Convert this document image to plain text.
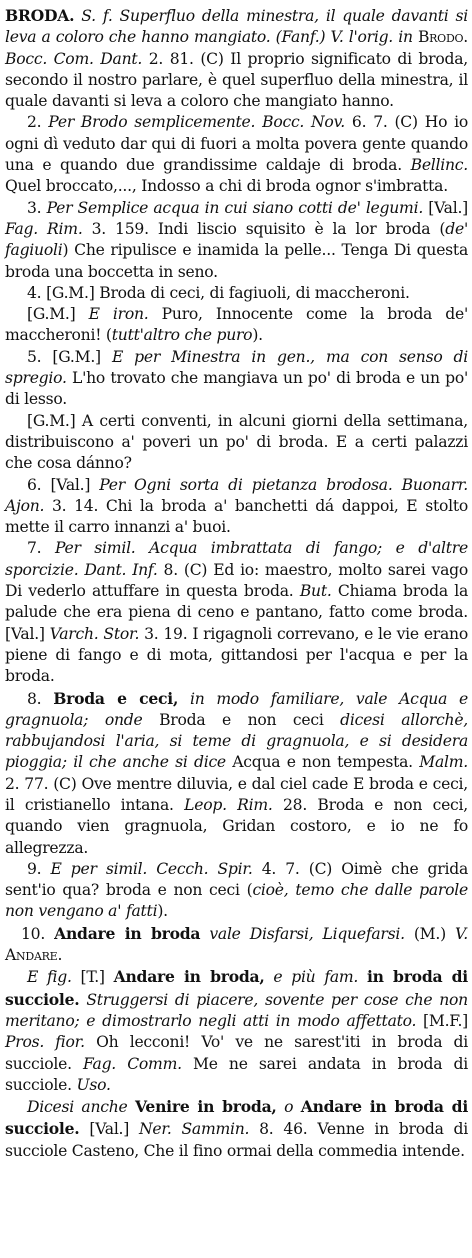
BRODA. S. f. Superfluo della minestra, il quale davanti si leva a coloro che hanno mangiato. (Fanf.) V. l'orig. in Brodo. Bocc. Com. Dant. 2. 81. (C) Il proprio significato di broda, secondo il nostro parlare, è quel superfluo della minestra, il quale davanti si leva a coloro che mangiato hanno.

2. Per Brodo semplicemente. Bocc. Nov. 6. 7. (C) Ho io ogni dì veduto dar qui di fuori a molta povera gente quando una e quando due grandissime caldaje di broda. Bellinc. Quel broccato,..., Indosso a chi di broda ognor s'imbratta.

3. Per Semplice acqua in cui siano cotti de' legumi. [Val.] Fag. Rim. 3. 159. Indi liscio squisito è la lor broda (de' fagiuoli) Che ripulisce e inamida la pelle... Tenga Di questa broda una boccetta in seno.

4. [G.M.] Broda di ceci, di fagiuoli, di maccheroni.

[G.M.] E iron. Puro, Innocente come la broda de' maccheroni! (tutt'altro che puro).

5. [G.M.] E per Minestra in gen., ma con senso di spregio. L'ho trovato che mangiava un po' di broda e un po' di lesso.

[G.M.] A certi conventi, in alcuni giorni della settimana, distribuiscono a' poveri un po' di broda. E a certi palazzi che cosa dánno?

6. [Val.] Per Ogni sorta di pietanza brodosa. Buonarr. Ajon. 3. 14. Chi la broda a' banchetti dá dappoi, E stolto mette il carro innanzi a' buoi.

7. Per simil. Acqua imbrattata di fango; e d'altre sporcizie. Dant. Inf. 8. (C) Ed io: maestro, molto sarei vago Di vederlo attuffare in questa broda. But. Chiama broda la palude che era piena di ceno e pantano, fatto come broda. [Val.] Varch. Stor. 3. 19. I rigagnoli correvano, e le vie erano piene di fango e di mota, gittandosi per l'acqua e per la broda.

8. Broda e ceci, in modo familiare, vale Acqua e gragnuola; onde Broda e non ceci dicesi allorchè, rabbujandosi l'aria, si teme di gragnuola, e si desidera pioggia; il che anche si dice Acqua e non tempesta. Malm. 2. 77. (C) Ove mentre diluvia, e dal ciel cade E broda e ceci, il cristianello intana. Leop. Rim. 28. Broda e non ceci, quando vien gragnuola, Gridan costoro, e io ne fo allegrezza.

9. E per simil. Cecch. Spir. 4. 7. (C) Oimè che grida sent'io qua? broda e non ceci (cioè, temo che dalle parole non vengano a' fatti).

10. Andare in broda vale Disfarsi, Liquefarsi. (M.) V. Andare.

E fig. [T.] Andare in broda, e più fam. in broda di succiole. Struggersi di piacere, sovente per cose che non meritano; e dimostrarlo negli atti in modo affettato. [M.F.] Pros. fior. Oh lecconi! Vo' ve ne sarest'iti in broda di succiole. Fag. Comm. Me ne sarei andata in broda di succiole. Uso.

Dicesi anche Venire in broda, o Andare in broda di succiole. [Val.] Ner. Sammin. 8. 46. Venne in broda di succiole Casteno, Che il fino ormai della commedia intende.
